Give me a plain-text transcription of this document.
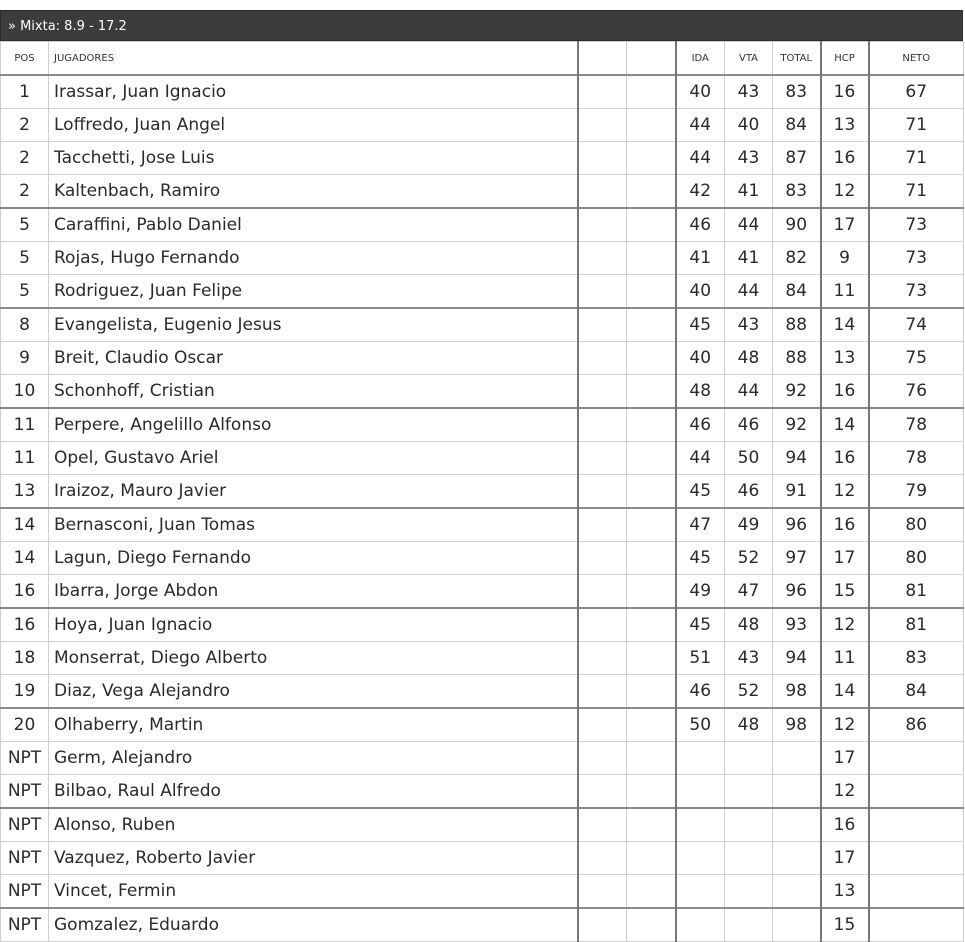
» Mixta: 8.9 - 17.2
POS	JUGADORES			IDA	VTA	TOTAL	HCP	NETO
1	Irassar, Juan Ignacio			40	43	83	16	67
2	Loffredo, Juan Angel			44	40	84	13	71
2	Tacchetti, Jose Luis			44	43	87	16	71
2	Kaltenbach, Ramiro			42	41	83	12	71
5	Caraffini, Pablo Daniel			46	44	90	17	73
5	Rojas, Hugo Fernando			41	41	82	9	73
5	Rodriguez, Juan Felipe			40	44	84	11	73
8	Evangelista, Eugenio Jesus			45	43	88	14	74
9	Breit, Claudio Oscar			40	48	88	13	75
10	Schonhoff, Cristian			48	44	92	16	76
11	Perpere, Angelillo Alfonso			46	46	92	14	78
11	Opel, Gustavo Ariel			44	50	94	16	78
13	Iraizoz, Mauro Javier			45	46	91	12	79
14	Bernasconi, Juan Tomas			47	49	96	16	80
14	Lagun, Diego Fernando			45	52	97	17	80
16	Ibarra, Jorge Abdon			49	47	96	15	81
16	Hoya, Juan Ignacio			45	48	93	12	81
18	Monserrat, Diego Alberto			51	43	94	11	83
19	Diaz, Vega Alejandro			46	52	98	14	84
20	Olhaberry, Martin			50	48	98	12	86
NPT	Germ, Alejandro						17	
NPT	Bilbao, Raul Alfredo						12	
NPT	Alonso, Ruben						16	
NPT	Vazquez, Roberto Javier						17	
NPT	Vincet, Fermin						13	
NPT	Gomzalez, Eduardo						15	
